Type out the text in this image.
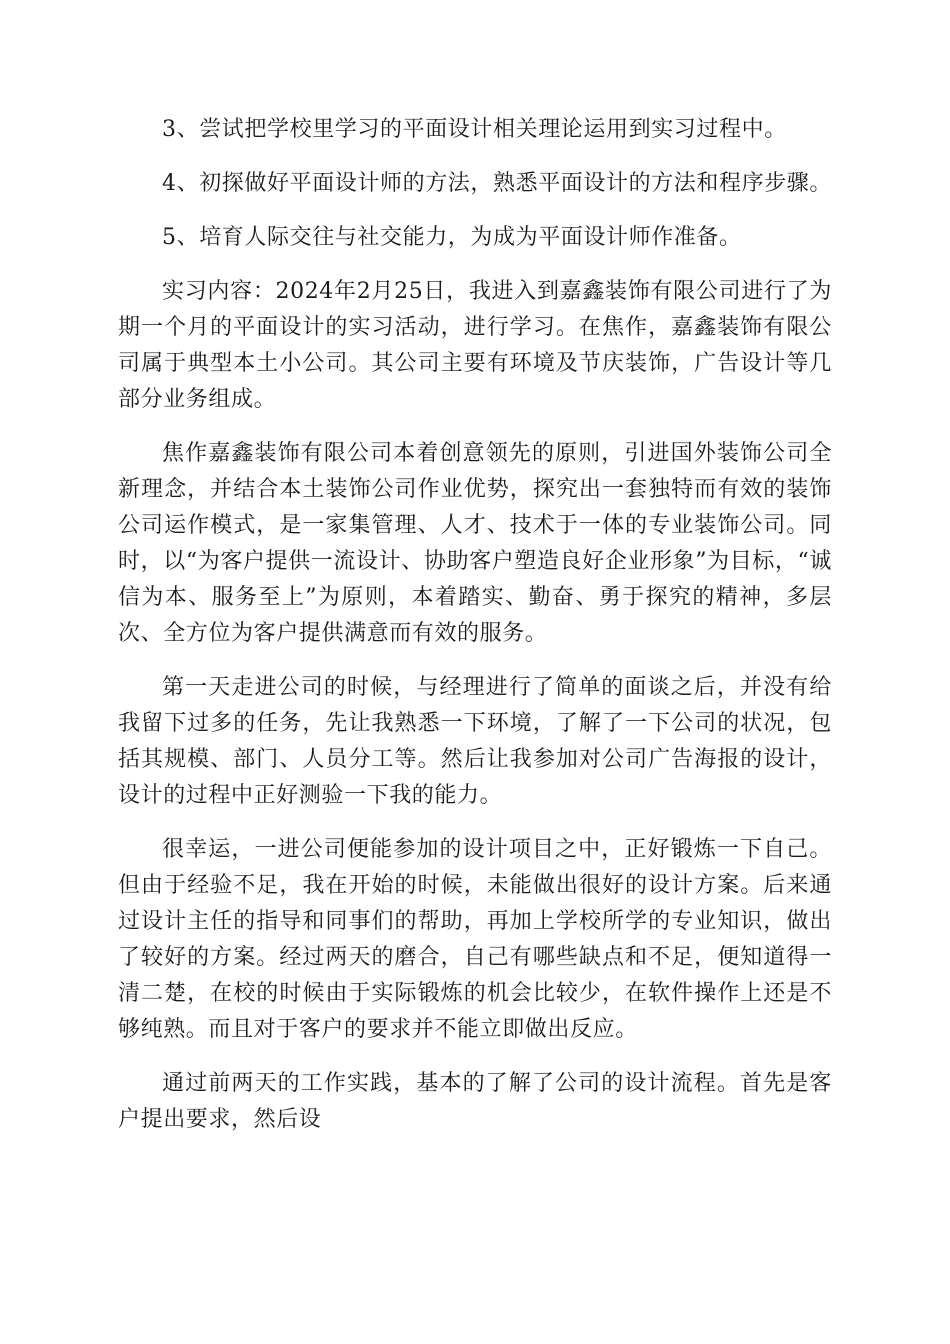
3、尝试把学校里学习的平面设计相关理论运用到实习过程中。

4、初探做好平面设计师的方法，熟悉平面设计的方法和程序步骤。

5、培育人际交往与社交能力，为成为平面设计师作准备。

实习内容：2024年2月25日，我进入到嘉鑫装饰有限公司进行了为期一个月的平面设计的实习活动，进行学习。在焦作，嘉鑫装饰有限公司属于典型本土小公司。其公司主要有环境及节庆装饰，广告设计等几部分业务组成。

焦作嘉鑫装饰有限公司本着创意领先的原则，引进国外装饰公司全新理念，并结合本土装饰公司作业优势，探究出一套独特而有效的装饰公司运作模式，是一家集管理、人才、技术于一体的专业装饰公司。同时，以“为客户提供一流设计、协助客户塑造良好企业形象”为目标，“诚信为本、服务至上”为原则，本着踏实、勤奋、勇于探究的精神，多层次、全方位为客户提供满意而有效的服务。

第一天走进公司的时候，与经理进行了简单的面谈之后，并没有给我留下过多的任务，先让我熟悉一下环境，了解了一下公司的状况，包括其规模、部门、人员分工等。然后让我参加对公司广告海报的设计，设计的过程中正好测验一下我的能力。

很幸运，一进公司便能参加的设计项目之中，正好锻炼一下自己。但由于经验不足，我在开始的时候，未能做出很好的设计方案。后来通过设计主任的指导和同事们的帮助，再加上学校所学的专业知识，做出了较好的方案。经过两天的磨合，自己有哪些缺点和不足，便知道得一清二楚，在校的时候由于实际锻炼的机会比较少，在软件操作上还是不够纯熟。而且对于客户的要求并不能立即做出反应。

通过前两天的工作实践，基本的了解了公司的设计流程。首先是客户提出要求，然后设
